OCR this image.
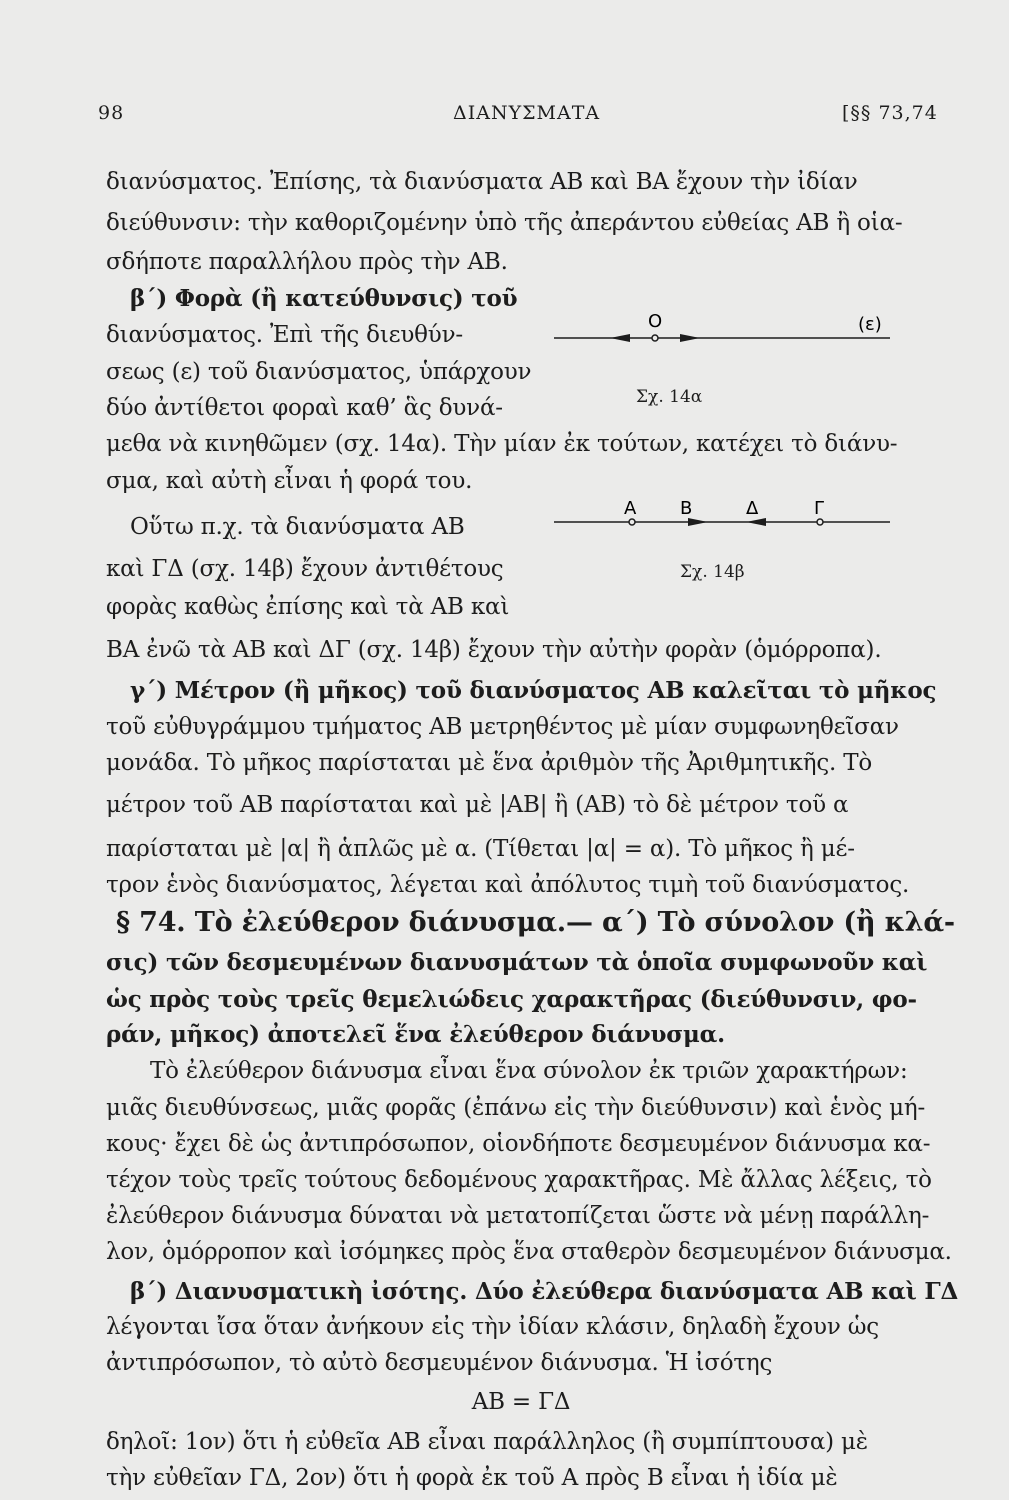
98	ΔΙΑΝΥΣΜΑΤΑ	[§§ 73,74
διανύσματος. Ἐπίσης, τὰ διανύσματα AB καὶ BA ἔχουν τὴν ἰδίαν
διεύθυνσιν: τὴν καθοριζομένην ὑπὸ τῆς ἀπεράντου εὐθείας AB ἢ οἱα-
σδήποτε παραλλήλου πρὸς τὴν AB.
β΄) Φορὰ (ἢ κατεύθυνσις) τοῦ
διανύσματος. Ἐπὶ τῆς διευθύν-
σεως (ε) τοῦ διανύσματος, ὑπάρχουν
δύο ἀντίθετοι φοραὶ καθ’ ἃς δυνά-
μεθα νὰ κινηθῶμεν (σχ. 14α). Τὴν μίαν ἐκ τούτων, κατέχει τὸ διάνυ-
σμα, καὶ αὐτὴ εἶναι ἡ φορά του.
Οὕτω π.χ. τὰ διανύσματα AB
καὶ ΓΔ (σχ. 14β) ἔχουν ἀντιθέτους
φορὰς καθὼς ἐπίσης καὶ τὰ AB καὶ
BA ἐνῶ τὰ AB καὶ ΔΓ (σχ. 14β) ἔχουν τὴν αὐτὴν φορὰν (ὁμόρροπα).
γ΄) Μέτρον (ἢ μῆκος) τοῦ διανύσματος AB καλεῖται τὸ μῆκος
τοῦ εὐθυγράμμου τμήματος AB μετρηθέντος μὲ μίαν συμφωνηθεῖσαν
μονάδα. Τὸ μῆκος παρίσταται μὲ ἕνα ἀριθμὸν τῆς Ἀριθμητικῆς. Τὸ
μέτρον τοῦ AB παρίσταται καὶ μὲ |AB| ἢ (AB) τὸ δὲ μέτρον τοῦ α
παρίσταται μὲ |α| ἢ ἁπλῶς μὲ α. (Τίθεται |α| = α). Τὸ μῆκος ἢ μέ-
τρον ἑνὸς διανύσματος, λέγεται καὶ ἀπόλυτος τιμὴ τοῦ διανύσματος.
§ 74. Τὸ ἐλεύθερον διάνυσμα.— α΄) Τὸ σύνολον (ἢ κλά-
σις) τῶν δεσμευμένων διανυσμάτων τὰ ὁποῖα συμφωνοῦν καὶ
ὡς πρὸς τοὺς τρεῖς θεμελιώδεις χαρακτῆρας (διεύθυνσιν, φο-
ράν, μῆκος) ἀποτελεῖ ἕνα ἐλεύθερον διάνυσμα.
Τὸ ἐλεύθερον διάνυσμα εἶναι ἕνα σύνολον ἐκ τριῶν χαρακτήρων:
μιᾶς διευθύνσεως, μιᾶς φορᾶς (ἐπάνω εἰς τὴν διεύθυνσιν) καὶ ἑνὸς μή-
κους· ἔχει δὲ ὡς ἀντιπρόσωπον, οἱονδήποτε δεσμευμένον διάνυσμα κα-
τέχον τοὺς τρεῖς τούτους δεδομένους χαρακτῆρας. Μὲ ἄλλας λέξεις, τὸ
ἐλεύθερον διάνυσμα δύναται νὰ μετατοπίζεται ὥστε νὰ μένῃ παράλλη-
λον, ὁμόρροπον καὶ ἰσόμηκες πρὸς ἕνα σταθερὸν δεσμευμένον διάνυσμα.
β΄) Διανυσματικὴ ἰσότης. Δύο ἐλεύθερα διανύσματα AB καὶ ΓΔ
λέγονται ἴσα ὅταν ἀνήκουν εἰς τὴν ἰδίαν κλάσιν, δηλαδὴ ἔχουν ὡς
ἀντιπρόσωπον, τὸ αὐτὸ δεσμευμένον διάνυσμα. Ἡ ἰσότης
AB = ΓΔ
δηλοῖ: 1ον) ὅτι ἡ εὐθεῖα AB εἶναι παράλληλος (ἢ συμπίπτουσα) μὲ
τὴν εὐθεῖαν ΓΔ, 2ον) ὅτι ἡ φορὰ ἐκ τοῦ A πρὸς B εἶναι ἡ ἰδία μὲ
O	(ε)
Σχ. 14α
A B	Δ	Γ
Σχ. 14β
